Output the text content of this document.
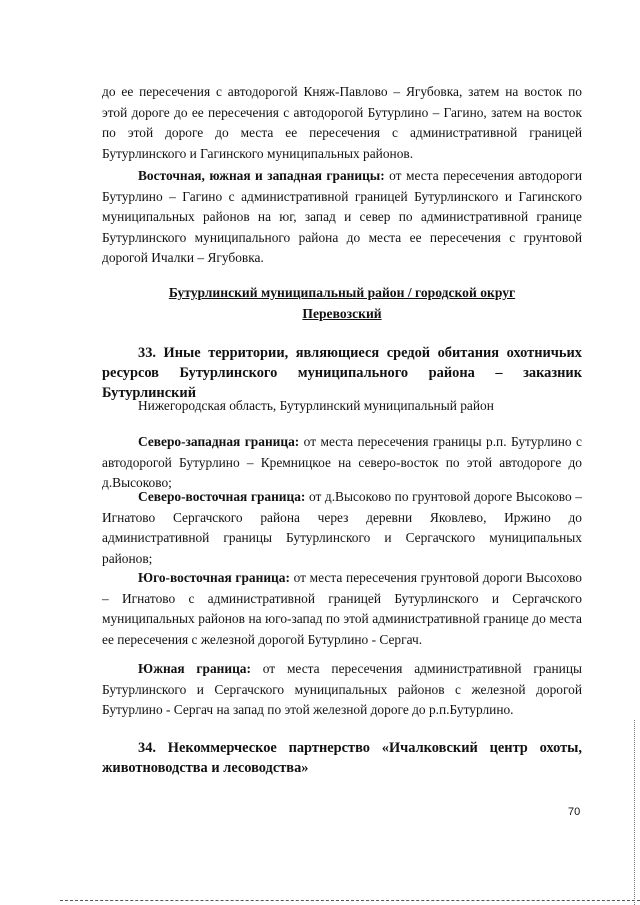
до ее пересечения с автодорогой Княж-Павлово – Ягубовка, затем на восток по этой дороге до ее пересечения с автодорогой Бутурлино – Гагино, затем на восток по этой дороге до места ее пересечения с административной границей Бутурлинского и Гагинского муниципальных районов.

Восточная, южная и западная границы: от места пересечения автодороги Бутурлино – Гагино с административной границей Бутурлинского и Гагинского муниципальных районов на юг, запад и север по административной границе Бутурлинского муниципального района до места ее пересечения с грунтовой дорогой Ичалки – Ягубовка.

Бутурлинский муниципальный район / городской округ
Перевозский

33. Иные территории, являющиеся средой обитания охотничьих ресурсов Бутурлинского муниципального района – заказник Бутурлинский

Нижегородская область, Бутурлинский муниципальный район

Северо-западная граница: от места пересечения границы р.п. Бутурлино с автодорогой Бутурлино – Кремницкое на северо-восток по этой автодороге до д.Высоково;

Северо-восточная граница: от д.Высоково по грунтовой дороге Высоково – Игнатово Сергачского района через деревни Яковлево, Иржино до административной границы Бутурлинского и Сергачского муниципальных районов;

Юго-восточная граница: от места пересечения грунтовой дороги Высохово – Игнатово с административной границей Бутурлинского и Сергачского муниципальных районов на юго-запад по этой административной границе до места ее пересечения с железной дорогой Бутурлино - Сергач.

Южная граница: от места пересечения административной границы Бутурлинского и Сергачского муниципальных районов с железной дорогой Бутурлино - Сергач на запад по этой железной дороге до р.п.Бутурлино.

34. Некоммерческое партнерство «Ичалковский центр охоты, животноводства и лесоводства»

70
